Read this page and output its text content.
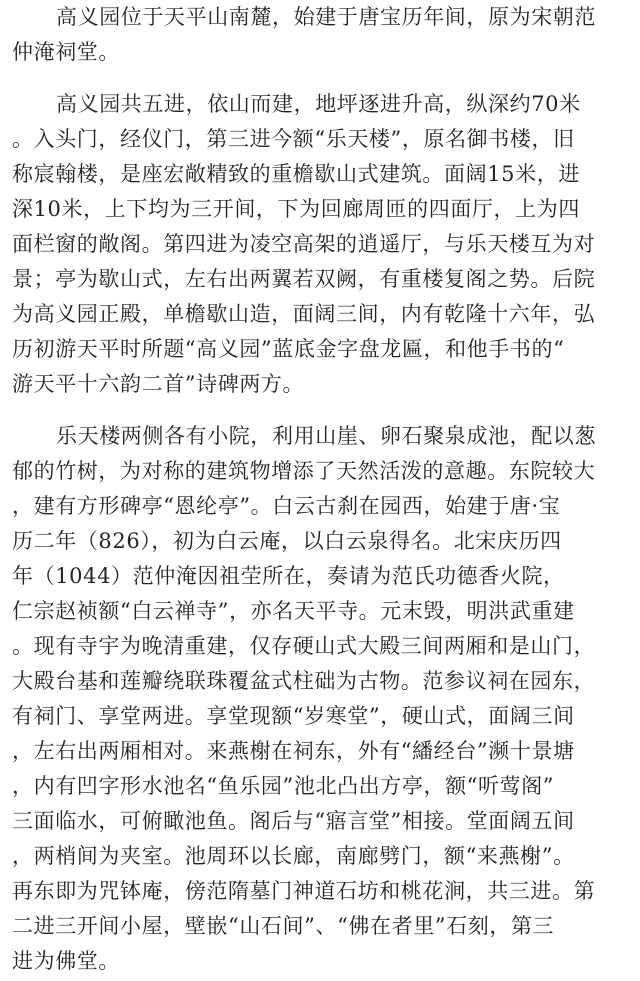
高义园位于天平山南麓，始建于唐宝历年间，原为宋朝范
仲淹祠堂。
高义园共五进，依山而建，地坪逐进升高，纵深约70米
。入头门，经仪门，第三进今额“乐天楼”，原名御书楼，旧
称宸翰楼，是座宏敞精致的重檐歇山式建筑。面阔15米，进
深10米，上下均为三开间，下为回廊周匝的四面厅，上为四
面栏窗的敞阁。第四进为凌空高架的逍遥厅，与乐天楼互为对
景；亭为歇山式，左右出两翼若双阙，有重楼复阁之势。后院
为高义园正殿，单檐歇山造，面阔三间，内有乾隆十六年，弘
历初游天平时所题“高义园”蓝底金字盘龙匾，和他手书的“
游天平十六韵二首”诗碑两方。
乐天楼两侧各有小院，利用山崖、卵石聚泉成池，配以葱
郁的竹树，为对称的建筑物增添了天然活泼的意趣。东院较大
，建有方形碑亭“恩纶亭”。白云古刹在园西，始建于唐·宝
历二年（826），初为白云庵，以白云泉得名。北宋庆历四
年（1044）范仲淹因祖茔所在，奏请为范氏功德香火院，
仁宗赵祯额“白云禅寺”，亦名天平寺。元末毁，明洪武重建
。现有寺宇为晚清重建，仅存硬山式大殿三间两厢和是山门，
大殿台基和莲瓣绕联珠覆盆式柱础为古物。范参议祠在园东，
有祠门、享堂两进。享堂现额“岁寒堂”，硬山式，面阔三间
，左右出两厢相对。来燕榭在祠东，外有“繙经台”濒十景塘
，内有凹字形水池名“鱼乐园”池北凸出方亭，额“听莺阁”
三面临水，可俯瞰池鱼。阁后与“寤言堂”相接。堂面阔五间
，两梢间为夹室。池周环以长廊，南廊劈门，额“来燕榭”。
再东即为咒钵庵，傍范隋墓门神道石坊和桃花涧，共三进。第
二进三开间小屋，壁嵌“山石间”、“佛在者里”石刻，第三
进为佛堂。
